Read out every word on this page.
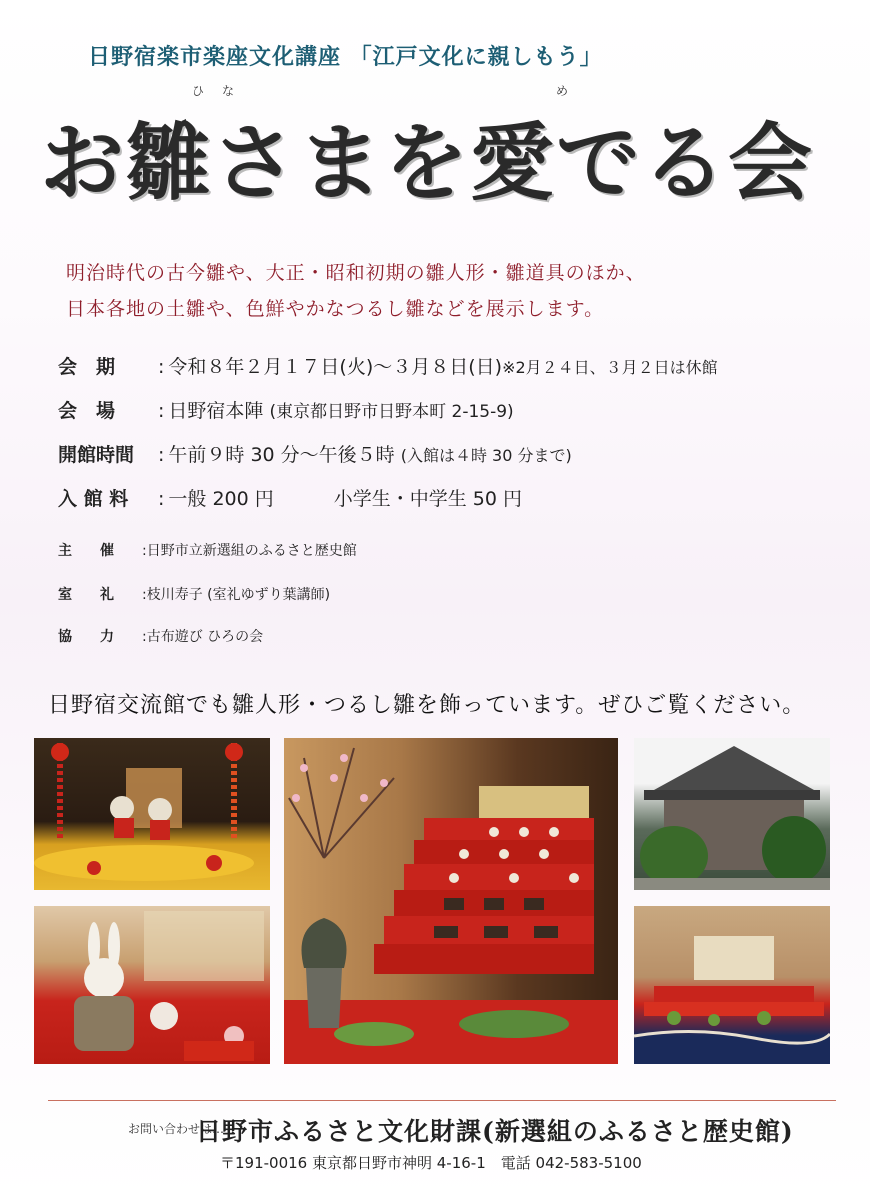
日野宿楽市楽座文化講座 「江戸文化に親しもう」
ひな	め
お雛さまを愛でる会
明治時代の古今雛や、大正・昭和初期の雛人形・雛道具のほか、
日本各地の土雛や、色鮮やかなつるし雛などを展示します。
会　期 : 令和８年２月１７日(火)～３月８日(日)※2月２４日、３月２日は休館
会　場 : 日野宿本陣 (東京都日野市日野本町 2-15-9)
開館時間 : 午前９時 30 分～午後５時 (入館は４時 30 分まで)
入 館 料 : 一般 200 円	小学生・中学生 50 円
主　　催 :日野市立新選組のふるさと歴史館
室　　礼 :枝川寿子 (室礼ゆずり葉講師)
協　　力 :古布遊び ひろの会
日野宿交流館でも雛人形・つるし雛を飾っています。ぜひご覧ください。
お問い合わせは…
日野市ふるさと文化財課(新選組のふるさと歴史館)
〒191-0016 東京都日野市神明 4-16-1　電話 042-583-5100
